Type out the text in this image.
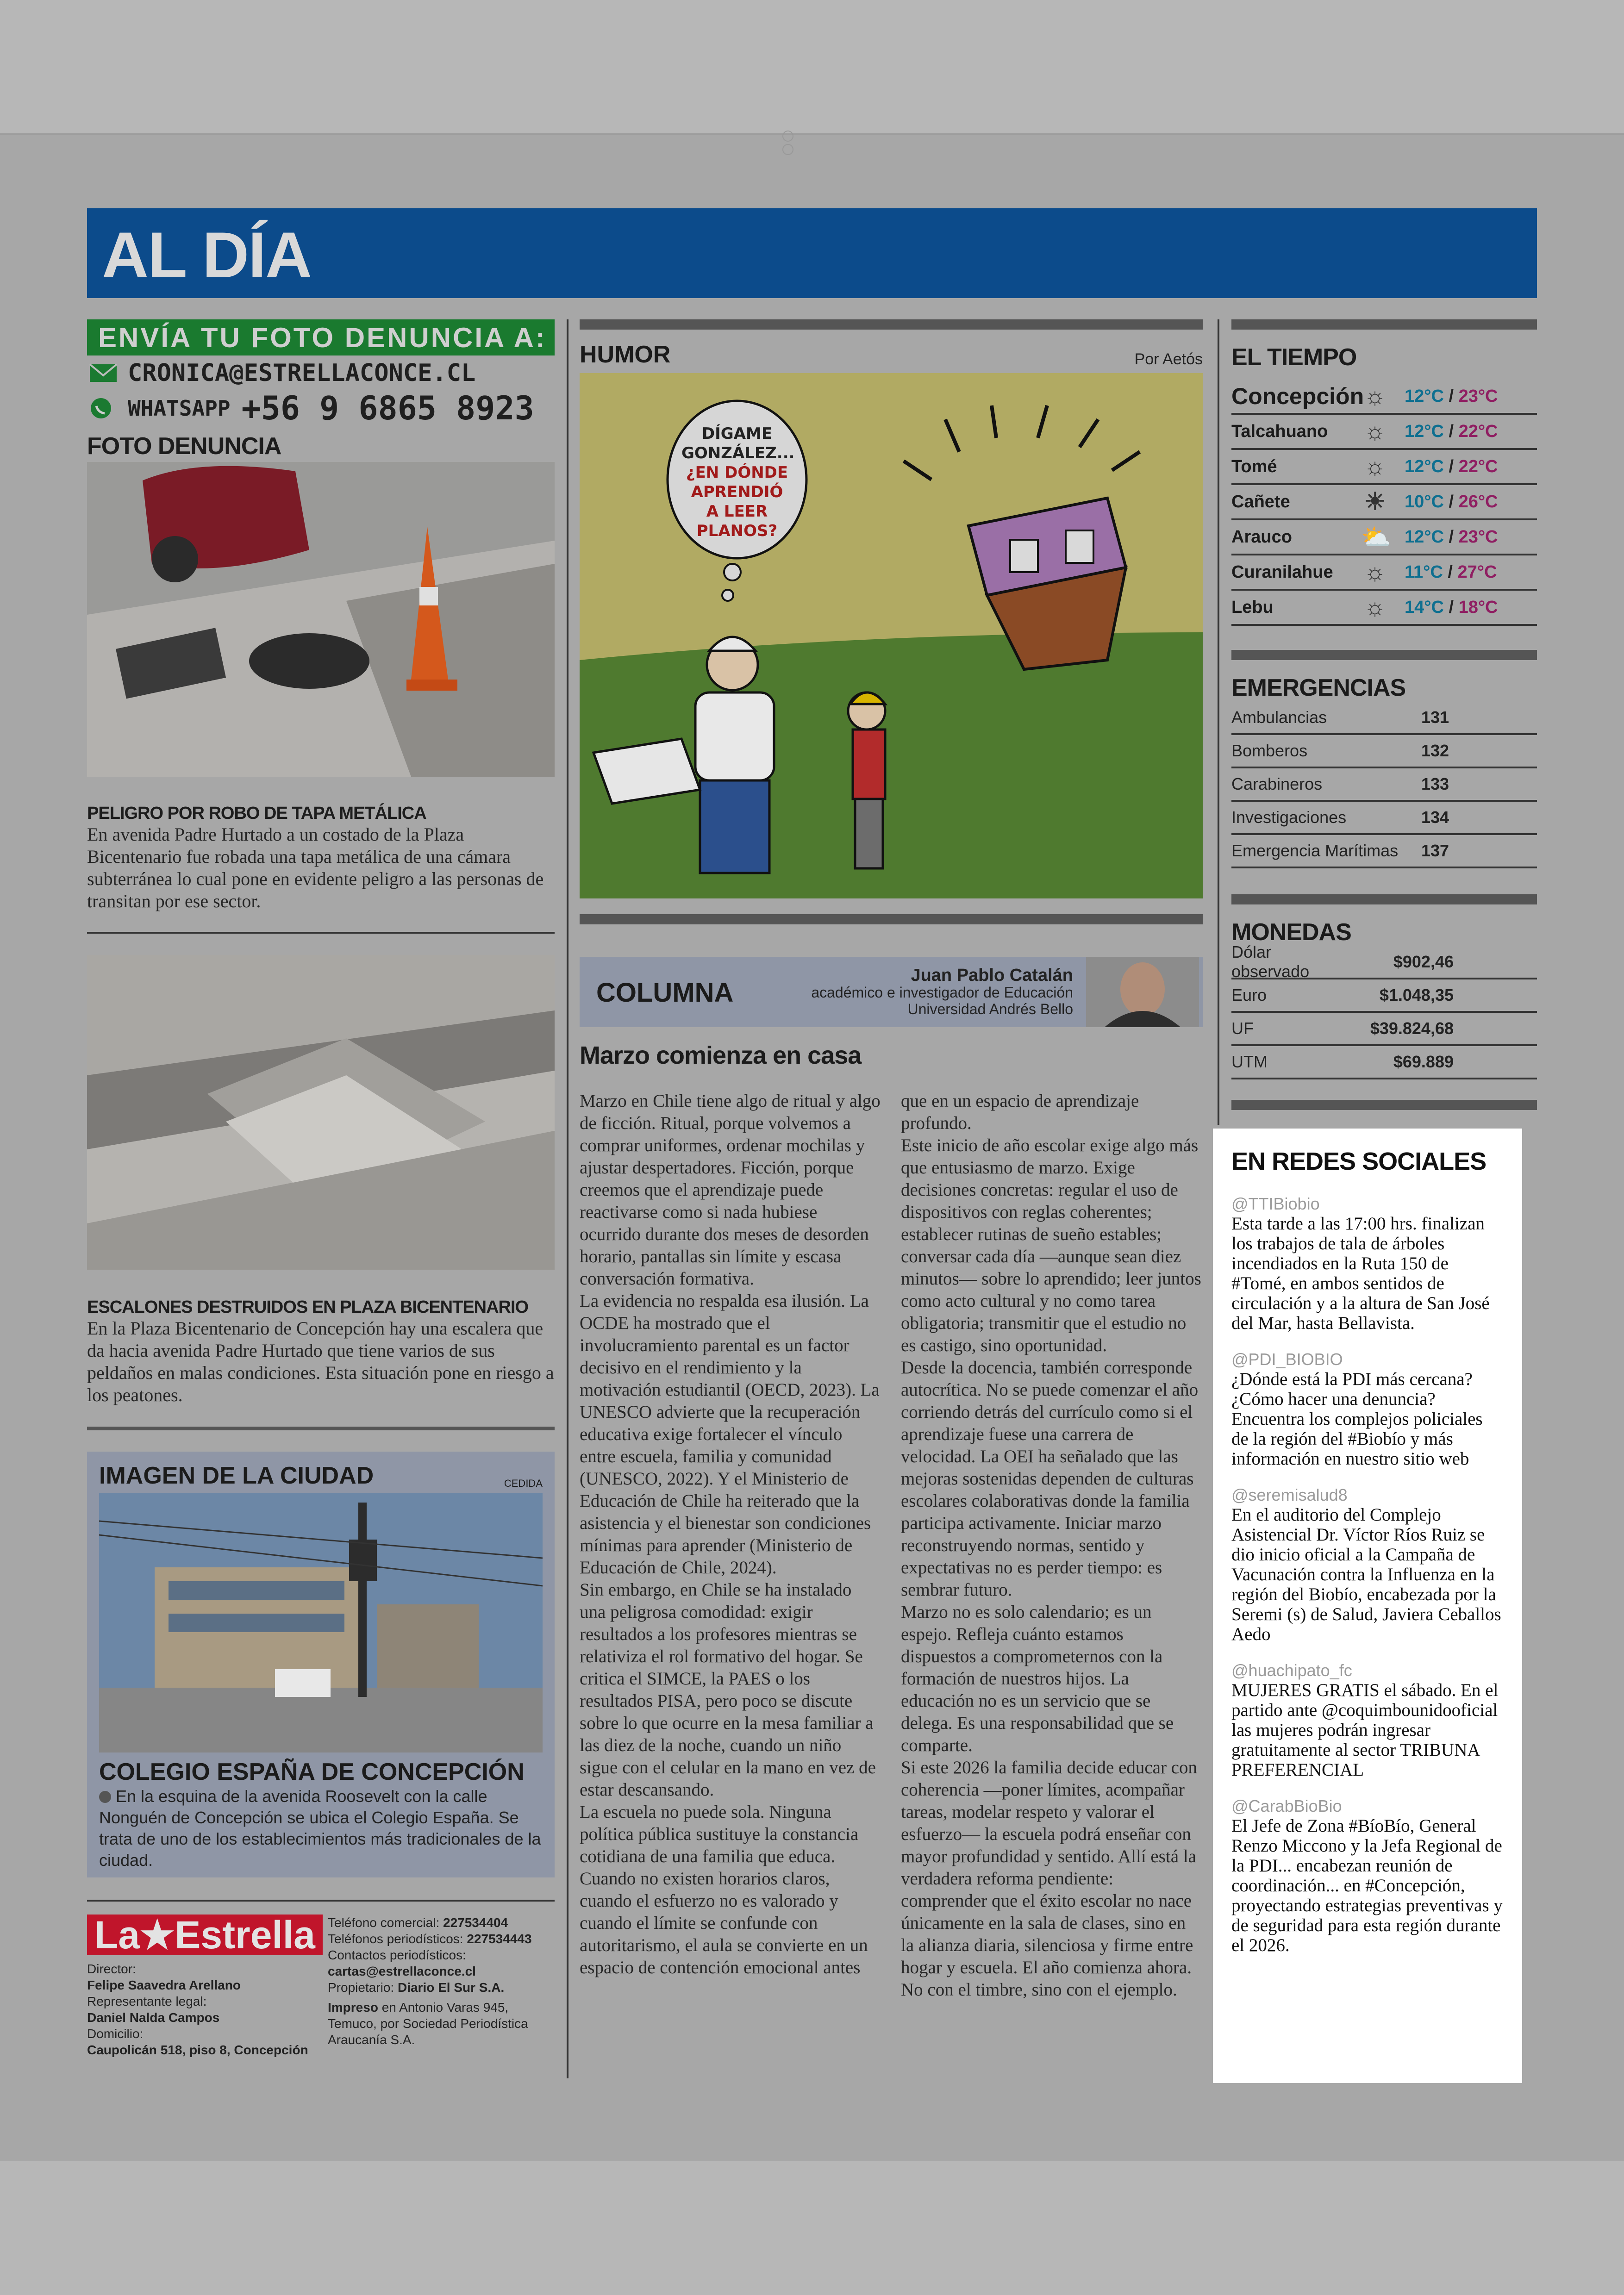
AL DÍA
ENVÍA TU FOTO DENUNCIA A:
CRONICA@ESTRELLACONCE.CL
WHATSAPP +56 9 6865 8923
FOTO DENUNCIA
PELIGRO POR ROBO DE TAPA METÁLICA
En avenida Padre Hurtado a un costado de la Plaza Bicentenario fue robada una tapa metálica de una cámara subterránea lo cual pone en evidente peligro a las personas de transitan por ese sector.
ESCALONES DESTRUIDOS EN PLAZA BICENTENARIO
En la Plaza Bicentenario de Concepción hay una escalera que da hacia avenida Padre Hurtado que tiene varios de sus peldaños en malas condiciones. Esta situación pone en riesgo a los peatones.
IMAGEN DE LA CIUDAD	CEDIDA
COLEGIO ESPAÑA DE CONCEPCIÓN
En la esquina de la avenida Roosevelt con la calle Nonguén de Concepción se ubica el Colegio España. Se trata de uno de los establecimientos más tradicionales de la ciudad.
La★Estrella
Director:
Felipe Saavedra Arellano
Representante legal:
Daniel Nalda Campos
Domicilio:
Caupolicán 518, piso 8, Concepción
Teléfono comercial: 227534404
Teléfonos periodísticos: 227534443
Contactos periodísticos:
cartas@estrellaconce.cl
Propietario: Diario El Sur S.A.
Impreso en Antonio Varas 945, Temuco, por Sociedad Periodística Araucanía S.A.
HUMOR	Por Aetós
DÍGAME
GONZÁLEZ...
¿EN DÓNDE
APRENDIÓ
A LEER
PLANOS?
COLUMNA
Juan Pablo Catalán
académico e investigador de Educación
Universidad Andrés Bello
Marzo comienza en casa

Marzo en Chile tiene algo de ritual y algo de ficción. Ritual, porque volvemos a comprar uniformes, ordenar mochilas y ajustar despertadores. Ficción, porque creemos que el aprendizaje puede reactivarse como si nada hubiese ocurrido durante dos meses de desorden horario, pantallas sin límite y escasa conversación formativa.

La evidencia no respalda esa ilusión. La OCDE ha mostrado que el involucramiento parental es un factor decisivo en el rendimiento y la motivación estudiantil (OECD, 2023). La UNESCO advierte que la recuperación educativa exige fortalecer el vínculo entre escuela, familia y comunidad (UNESCO, 2022). Y el Ministerio de Educación de Chile ha reiterado que la asistencia y el bienestar son condiciones mínimas para aprender (Ministerio de Educación de Chile, 2024).

Sin embargo, en Chile se ha instalado una peligrosa comodidad: exigir resultados a los profesores mientras se relativiza el rol formativo del hogar. Se critica el SIMCE, la PAES o los resultados PISA, pero poco se discute sobre lo que ocurre en la mesa familiar a las diez de la noche, cuando un niño sigue con el celular en la mano en vez de estar descansando.

La escuela no puede sola. Ninguna política pública sustituye la constancia cotidiana de una familia que educa. Cuando no existen horarios claros, cuando el esfuerzo no es valorado y cuando el límite se confunde con autoritarismo, el aula se convierte en un espacio de contención emocional antes que en un espacio de aprendizaje profundo.

Este inicio de año escolar exige algo más que entusiasmo de marzo. Exige decisiones concretas: regular el uso de dispositivos con reglas coherentes; establecer rutinas de sueño estables; conversar cada día —aunque sean diez minutos— sobre lo aprendido; leer juntos como acto cultural y no como tarea obligatoria; transmitir que el estudio no es castigo, sino oportunidad.

Desde la docencia, también corresponde autocrítica. No se puede comenzar el año corriendo detrás del currículo como si el aprendizaje fuese una carrera de velocidad. La OEI ha señalado que las mejoras sostenidas dependen de culturas escolares colaborativas donde la familia participa activamente. Iniciar marzo reconstruyendo normas, sentido y expectativas no es perder tiempo: es sembrar futuro.

Marzo no es solo calendario; es un espejo. Refleja cuánto estamos dispuestos a comprometernos con la formación de nuestros hijos. La educación no es un servicio que se delega. Es una responsabilidad que se comparte.

Si este 2026 la familia decide educar con coherencia —poner límites, acompañar tareas, modelar respeto y valorar el esfuerzo— la escuela podrá enseñar con mayor profundidad y sentido. Allí está la verdadera reforma pendiente: comprender que el éxito escolar no nace únicamente en la sala de clases, sino en la alianza diaria, silenciosa y firme entre hogar y escuela. El año comienza ahora. No con el timbre, sino con el ejemplo.

EL TIEMPO
Concepción ☼ 12°C / 23°C
Talcahuano	☼ 12°C / 22°C
Tomé	☼ 12°C / 22°C
Cañete	☀ 10°C / 26°C
Arauco	⛅ 12°C / 23°C
Curanilahue	☼ 11°C / 27°C
Lebu	☼ 14°C / 18°C
EMERGENCIAS
Ambulancias	131
Bomberos	132
Carabineros	133
Investigaciones	134
Emergencia Marítimas	137
MONEDAS
Dólar observado
$902,46
Euro	$1.048,35
UF	$39.824,68
UTM	$69.889
EN REDES SOCIALES
@TTIBiobio
Esta tarde a las 17:00 hrs. finalizan los trabajos de tala de árboles incendiados en la Ruta 150 de #Tomé, en ambos sentidos de circulación y a la altura de San José del Mar, hasta Bellavista.
@PDI_BIOBIO
¿Dónde está la PDI más cercana? ¿Cómo hacer una denuncia? Encuentra los complejos policiales de la región del #Biobío y más información en nuestro sitio web
@seremisalud8
En el auditorio del Complejo Asistencial Dr. Víctor Ríos Ruiz se dio inicio oficial a la Campaña de Vacunación contra la Influenza en la región del Biobío, encabezada por la Seremi (s) de Salud, Javiera Ceballos Aedo
@huachipato_fc
MUJERES GRATIS el sábado. En el partido ante @coquimbounidooficial las mujeres podrán ingresar gratuitamente al sector TRIBUNA PREFERENCIAL
@CarabBioBio
El Jefe de Zona #BíoBío, General Renzo Miccono y la Jefa Regional de la PDI... encabezan reunión de coordinación... en #Concepción, proyectando estrategias preventivas y de seguridad para esta región durante el 2026.
